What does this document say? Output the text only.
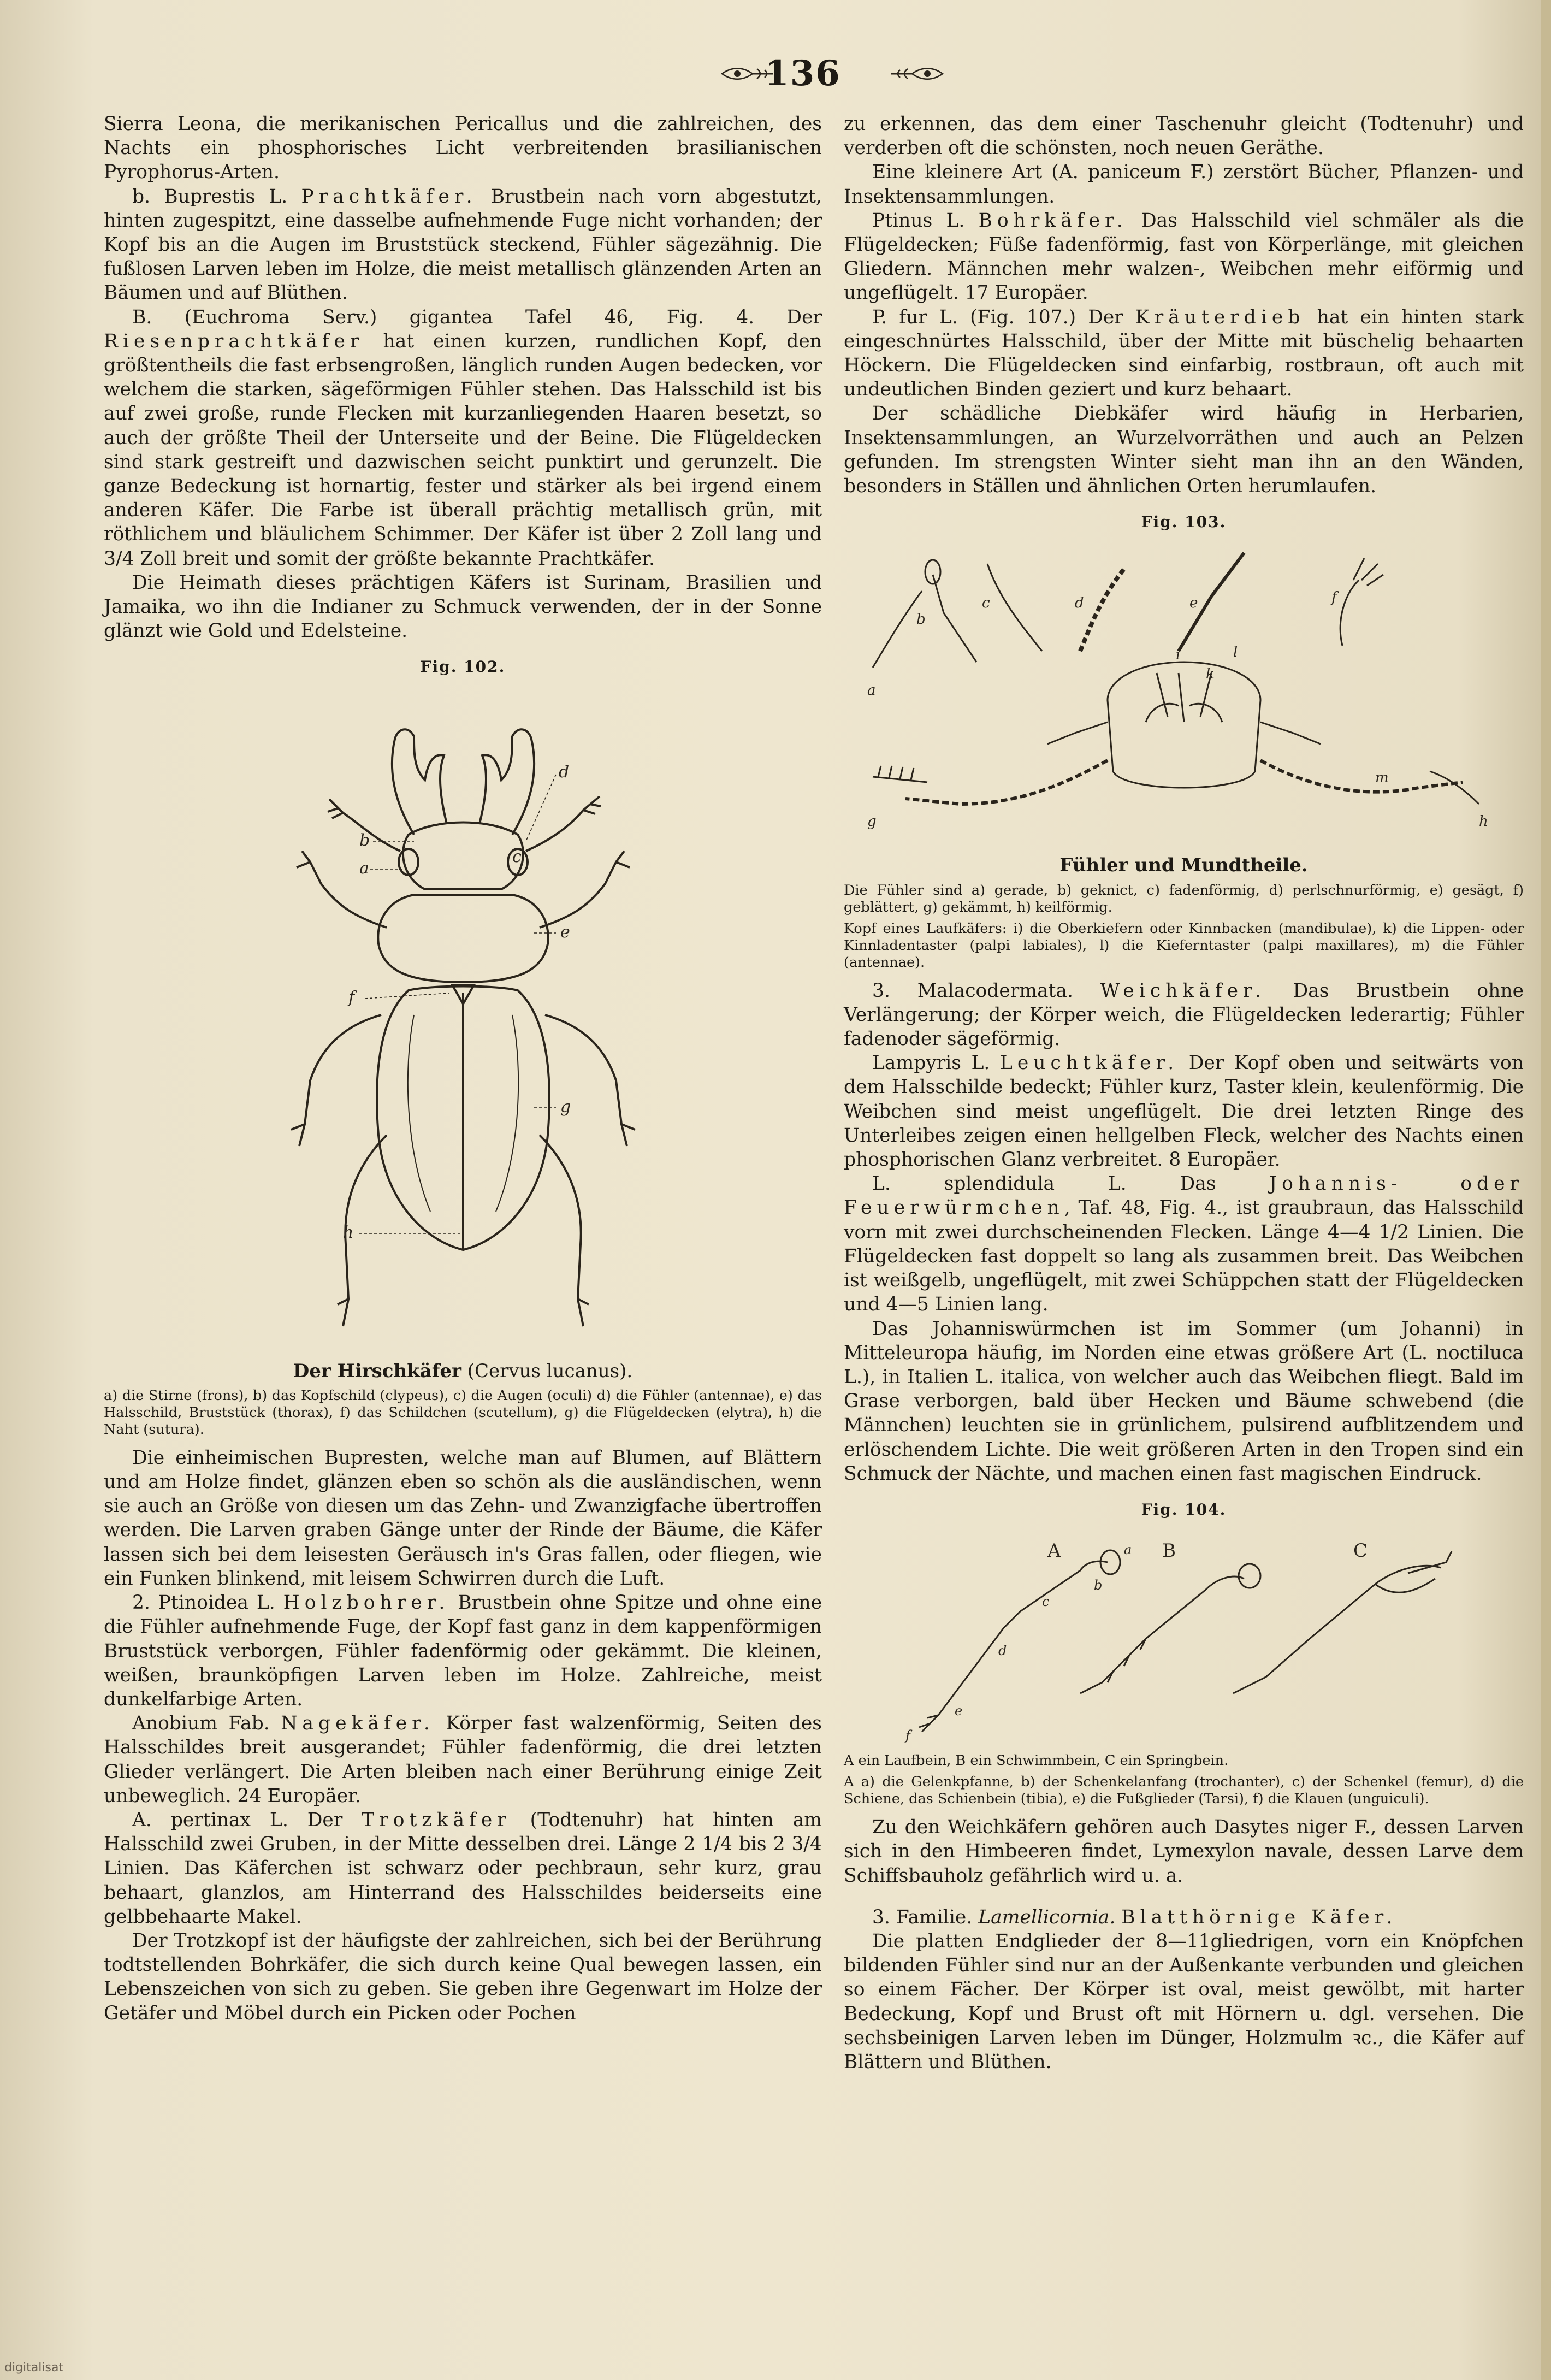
136

Sierra Leona, die merikanischen Pericallus und die zahlreichen, des Nachts ein phosphorisches Licht verbreitenden brasilianischen Pyrophorus-Arten.

b. Buprestis L. Prachtkäfer. Brustbein nach vorn abgestutzt, hinten zugespitzt, eine dasselbe aufnehmende Fuge nicht vorhanden; der Kopf bis an die Augen im Bruststück steckend, Fühler sägezähnig. Die fußlosen Larven leben im Holze, die meist metallisch glänzenden Arten an Bäumen und auf Blüthen.

B. (Euchroma Serv.) gigantea Tafel 46, Fig. 4. Der Riesenprachtkäfer hat einen kurzen, rundlichen Kopf, den größtentheils die fast erbsengroßen, länglich runden Augen bedecken, vor welchem die starken, sägeförmigen Fühler stehen. Das Halsschild ist bis auf zwei große, runde Flecken mit kurzanliegenden Haaren besetzt, so auch der größte Theil der Unterseite und der Beine. Die Flügeldecken sind stark gestreift und dazwischen seicht punktirt und gerunzelt. Die ganze Bedeckung ist hornartig, fester und stärker als bei irgend einem anderen Käfer. Die Farbe ist überall prächtig metallisch grün, mit röthlichem und bläulichem Schimmer. Der Käfer ist über 2 Zoll lang und 3/4 Zoll breit und somit der größte bekannte Prachtkäfer.

Die Heimath dieses prächtigen Käfers ist Surinam, Brasilien und Jamaika, wo ihn die Indianer zu Schmuck verwenden, der in der Sonne glänzt wie Gold und Edelsteine.

Fig. 102.
a
b
c
d
e
f
g
h
Der Hirschkäfer (Cervus lucanus).
a) die Stirne (frons), b) das Kopfschild (clypeus), c) die Augen (oculi) d) die Fühler (antennae), e) das Halsschild, Bruststück (thorax), f) das Schildchen (scutellum), g) die Flügeldecken (elytra), h) die Naht (sutura).

Die einheimischen Bupresten, welche man auf Blumen, auf Blättern und am Holze findet, glänzen eben so schön als die ausländischen, wenn sie auch an Größe von diesen um das Zehn- und Zwanzigfache übertroffen werden. Die Larven graben Gänge unter der Rinde der Bäume, die Käfer lassen sich bei dem leisesten Geräusch in's Gras fallen, oder fliegen, wie ein Funken blinkend, mit leisem Schwirren durch die Luft.

2. Ptinoidea L. Holzbohrer. Brustbein ohne Spitze und ohne eine die Fühler aufnehmende Fuge, der Kopf fast ganz in dem kappenförmigen Bruststück verborgen, Fühler fadenförmig oder gekämmt. Die kleinen, weißen, braunköpfigen Larven leben im Holze. Zahlreiche, meist dunkelfarbige Arten.

Anobium Fab. Nagekäfer. Körper fast walzenförmig, Seiten des Halsschildes breit ausgerandet; Fühler fadenförmig, die drei letzten Glieder verlängert. Die Arten bleiben nach einer Berührung einige Zeit unbeweglich. 24 Europäer.

A. pertinax L. Der Trotzkäfer (Todtenuhr) hat hinten am Halsschild zwei Gruben, in der Mitte desselben drei. Länge 2 1/4 bis 2 3/4 Linien. Das Käferchen ist schwarz oder pechbraun, sehr kurz, grau behaart, glanzlos, am Hinterrand des Halsschildes beiderseits eine gelbbehaarte Makel.

Der Trotzkopf ist der häufigste der zahlreichen, sich bei der Berührung todtstellenden Bohrkäfer, die sich durch keine Qual bewegen lassen, ein Lebenszeichen von sich zu geben. Sie geben ihre Gegenwart im Holze der Getäfer und Möbel durch ein Picken oder Pochen

zu erkennen, das dem einer Taschenuhr gleicht (Todtenuhr) und verderben oft die schönsten, noch neuen Geräthe.

Eine kleinere Art (A. paniceum F.) zerstört Bücher, Pflanzen- und Insektensammlungen.

Ptinus L. Bohrkäfer. Das Halsschild viel schmäler als die Flügeldecken; Füße fadenförmig, fast von Körperlänge, mit gleichen Gliedern. Männchen mehr walzen-, Weibchen mehr eiförmig und ungeflügelt. 17 Europäer.

P. fur L. (Fig. 107.) Der Kräuterdieb hat ein hinten stark eingeschnürtes Halsschild, über der Mitte mit büschelig behaarten Höckern. Die Flügeldecken sind einfarbig, rostbraun, oft auch mit undeutlichen Binden geziert und kurz behaart.

Der schädliche Diebkäfer wird häufig in Herbarien, Insektensammlungen, an Wurzelvorräthen und auch an Pelzen gefunden. Im strengsten Winter sieht man ihn an den Wänden, besonders in Ställen und ähnlichen Orten herumlaufen.

Fig. 103.
a
b
c	d	e	f
g	h
i
k
l
m
Fühler und Mundtheile.
Die Fühler sind a) gerade, b) geknict, c) fadenförmig, d) perlschnurförmig, e) gesägt, f) geblättert, g) gekämmt, h) keilförmig.
Kopf eines Laufkäfers: i) die Oberkiefern oder Kinnbacken (mandibulae), k) die Lippen- oder Kinnladentaster (palpi labiales), l) die Kieferntaster (palpi maxillares), m) die Fühler (antennae).

3. Malacodermata. Weichkäfer. Das Brustbein ohne Verlängerung; der Körper weich, die Flügeldecken lederartig; Fühler fadenoder sägeförmig.

Lampyris L. Leuchtkäfer. Der Kopf oben und seitwärts von dem Halsschilde bedeckt; Fühler kurz, Taster klein, keulenförmig. Die Weibchen sind meist ungeflügelt. Die drei letzten Ringe des Unterleibes zeigen einen hellgelben Fleck, welcher des Nachts einen phosphorischen Glanz verbreitet. 8 Europäer.

L. splendidula L. Das Johannis- oder Feuerwürmchen, Taf. 48, Fig. 4., ist graubraun, das Halsschild vorn mit zwei durchscheinenden Flecken. Länge 4—4 1/2 Linien. Die Flügeldecken fast doppelt so lang als zusammen breit. Das Weibchen ist weißgelb, ungeflügelt, mit zwei Schüppchen statt der Flügeldecken und 4—5 Linien lang.

Das Johanniswürmchen ist im Sommer (um Johanni) in Mitteleuropa häufig, im Norden eine etwas größere Art (L. noctiluca L.), in Italien L. italica, von welcher auch das Weibchen fliegt. Bald im Grase verborgen, bald über Hecken und Bäume schwebend (die Männchen) leuchten sie in grünlichem, pulsirend aufblitzendem und erlöschendem Lichte. Die weit größeren Arten in den Tropen sind ein Schmuck der Nächte, und machen einen fast magischen Eindruck.

Fig. 104.
A	B	C
a
b
c
d
e
f
A ein Laufbein, B ein Schwimmbein, C ein Springbein.
A a) die Gelenkpfanne, b) der Schenkelanfang (trochanter), c) der Schenkel (femur), d) die Schiene, das Schienbein (tibia), e) die Fußglieder (Tarsi), f) die Klauen (unguiculi).

Zu den Weichkäfern gehören auch Dasytes niger F., dessen Larven sich in den Himbeeren findet, Lymexylon navale, dessen Larve dem Schiffsbauholz gefährlich wird u. a.

3. Familie. Lamellicornia. Blatthörnige Käfer.

Die platten Endglieder der 8—11gliedrigen, vorn ein Knöpfchen bildenden Fühler sind nur an der Außenkante verbunden und gleichen so einem Fächer. Der Körper ist oval, meist gewölbt, mit harter Bedeckung, Kopf und Brust oft mit Hörnern u. dgl. versehen. Die sechsbeinigen Larven leben im Dünger, Holzmulm ꝛc., die Käfer auf Blättern und Blüthen.

digitalisat
